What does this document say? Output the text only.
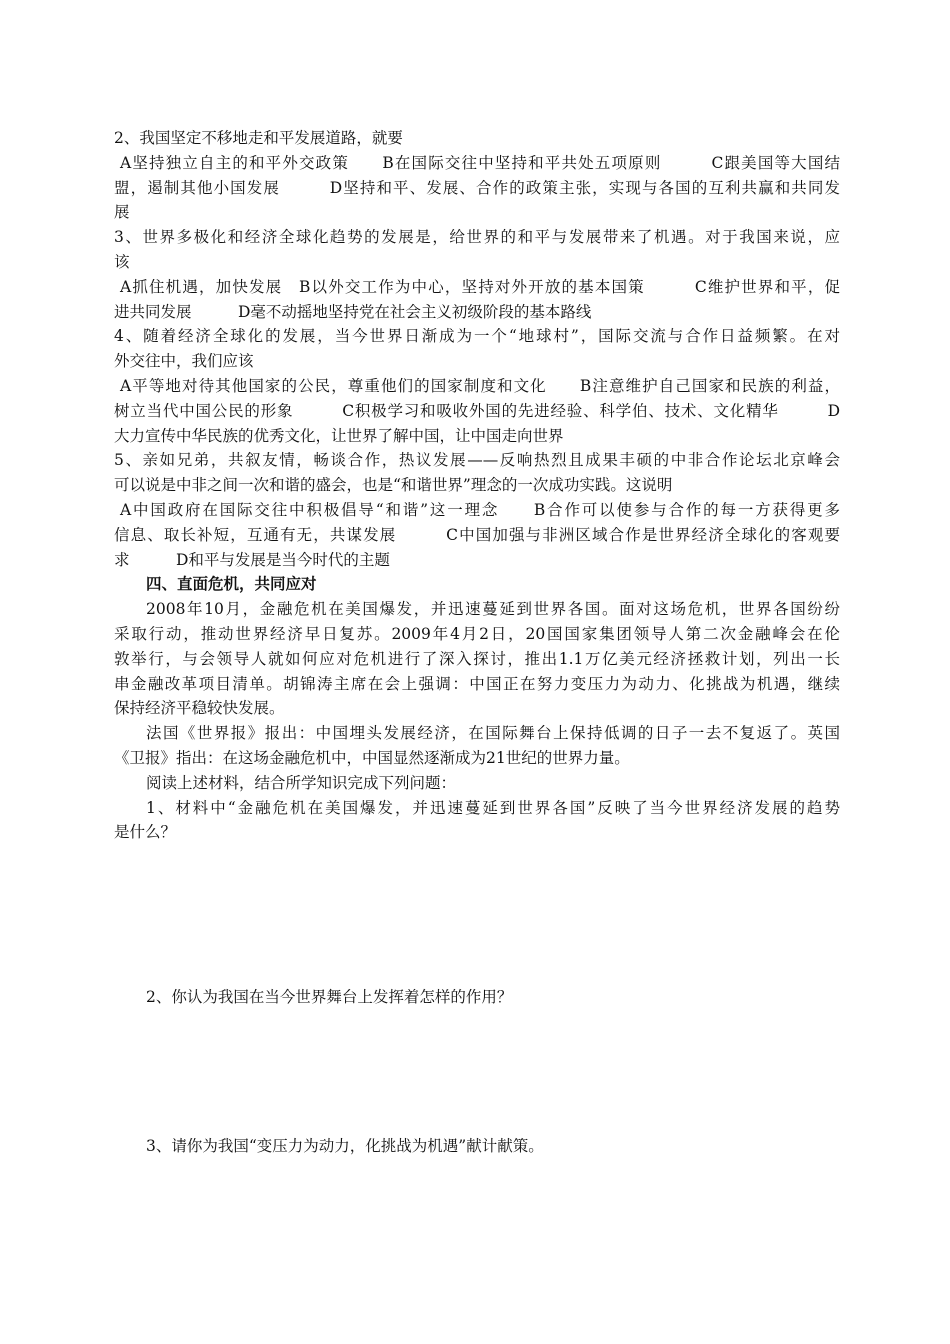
2、我国坚定不移地走和平发展道路，就要
A坚持独立自主的和平外交政策　　B在国际交往中坚持和平共处五项原则　　　C跟美国等大国结
盟，遏制其他小国发展　　　D坚持和平、发展、合作的政策主张，实现与各国的互利共赢和共同发
展
3、世界多极化和经济全球化趋势的发展是，给世界的和平与发展带来了机遇。对于我国来说，应
该
A抓住机遇，加快发展　B以外交工作为中心，坚持对外开放的基本国策　　　C维护世界和平，促
进共同发展　　　D毫不动摇地坚持党在社会主义初级阶段的基本路线
4、随着经济全球化的发展，当今世界日渐成为一个“地球村”，国际交流与合作日益频繁。在对
外交往中，我们应该
A平等地对待其他国家的公民，尊重他们的国家制度和文化　　B注意维护自己国家和民族的利益，
树立当代中国公民的形象　　　C积极学习和吸收外国的先进经验、科学伯、技术、文化精华　　　D
大力宣传中华民族的优秀文化，让世界了解中国，让中国走向世界
5、亲如兄弟，共叙友情，畅谈合作，热议发展——反响热烈且成果丰硕的中非合作论坛北京峰会
可以说是中非之间一次和谐的盛会，也是“和谐世界”理念的一次成功实践。这说明
A中国政府在国际交往中积极倡导“和谐”这一理念　　B合作可以使参与合作的每一方获得更多
信息、取长补短，互通有无，共谋发展　　　C中国加强与非洲区域合作是世界经济全球化的客观要
求　　　D和平与发展是当今时代的主题
四、直面危机，共同应对
2008年10月，金融危机在美国爆发，并迅速蔓延到世界各国。面对这场危机，世界各国纷纷
采取行动，推动世界经济早日复苏。2009年4月2日，20国国家集团领导人第二次金融峰会在伦
敦举行，与会领导人就如何应对危机进行了深入探讨，推出1.1万亿美元经济拯救计划，列出一长
串金融改革项目清单。胡锦涛主席在会上强调：中国正在努力变压力为动力、化挑战为机遇，继续
保持经济平稳较快发展。
法国《世界报》报出：中国埋头发展经济，在国际舞台上保持低调的日子一去不复返了。英国
《卫报》指出：在这场金融危机中，中国显然逐渐成为21世纪的世界力量。
阅读上述材料，结合所学知识完成下列问题：
1、材料中“金融危机在美国爆发，并迅速蔓延到世界各国”反映了当今世界经济发展的趋势
是什么？
2、你认为我国在当今世界舞台上发挥着怎样的作用？
3、请你为我国“变压力为动力，化挑战为机遇”献计献策。
